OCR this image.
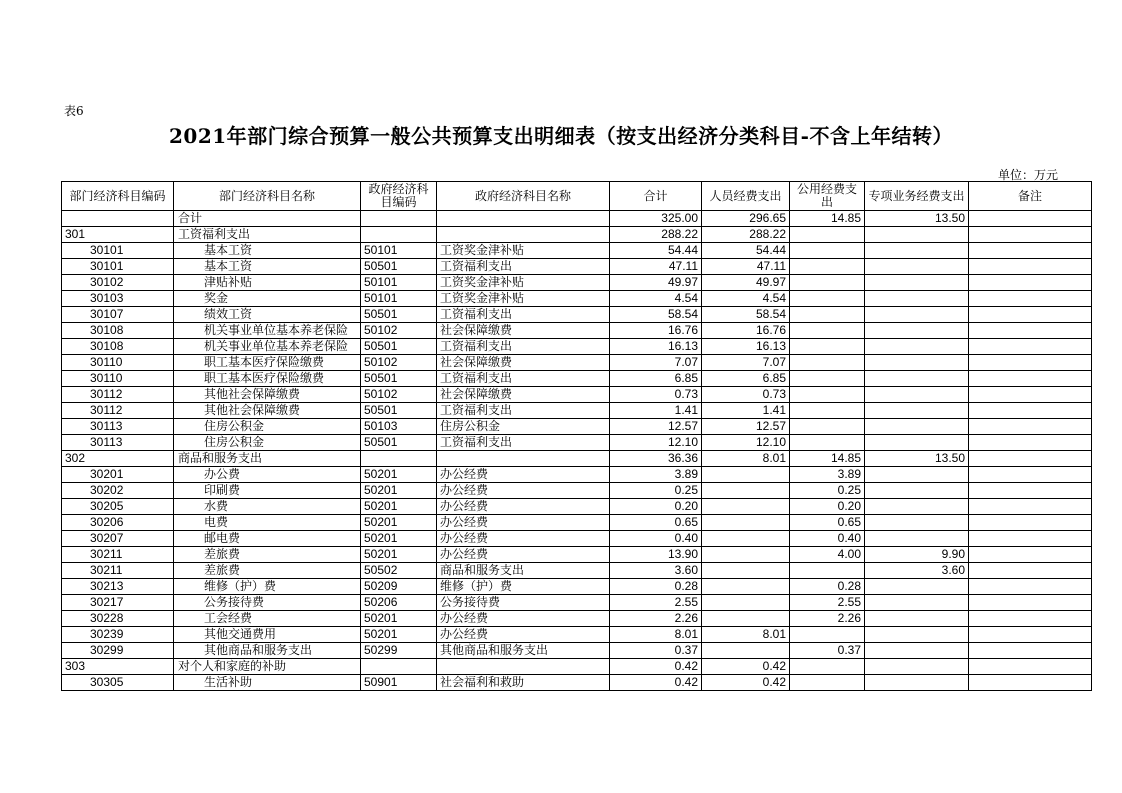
表6
2021年部门综合预算一般公共预算支出明细表（按支出经济分类科目-不含上年结转）
单位：万元
部门经济科目编码	部门经济科目名称	政府经济科目编码	政府经济科目名称	合计	人员经费支出	公用经费支出	专项业务经费支出	备注
	合计			325.00	296.65	14.85	13.50	
301	工资福利支出			288.22	288.22			
30101	基本工资	50101	工资奖金津补贴	54.44	54.44			
30101	基本工资	50501	工资福利支出	47.11	47.11			
30102	津贴补贴	50101	工资奖金津补贴	49.97	49.97			
30103	奖金	50101	工资奖金津补贴	4.54	4.54			
30107	绩效工资	50501	工资福利支出	58.54	58.54			
30108	机关事业单位基本养老保险	50102	社会保障缴费	16.76	16.76			
30108	机关事业单位基本养老保险	50501	工资福利支出	16.13	16.13			
30110	职工基本医疗保险缴费	50102	社会保障缴费	7.07	7.07			
30110	职工基本医疗保险缴费	50501	工资福利支出	6.85	6.85			
30112	其他社会保障缴费	50102	社会保障缴费	0.73	0.73			
30112	其他社会保障缴费	50501	工资福利支出	1.41	1.41			
30113	住房公积金	50103	住房公积金	12.57	12.57			
30113	住房公积金	50501	工资福利支出	12.10	12.10			
302	商品和服务支出			36.36	8.01	14.85	13.50	
30201	办公费	50201	办公经费	3.89		3.89		
30202	印刷费	50201	办公经费	0.25		0.25		
30205	水费	50201	办公经费	0.20		0.20		
30206	电费	50201	办公经费	0.65		0.65		
30207	邮电费	50201	办公经费	0.40		0.40		
30211	差旅费	50201	办公经费	13.90		4.00	9.90	
30211	差旅费	50502	商品和服务支出	3.60			3.60	
30213	维修（护）费	50209	维修（护）费	0.28		0.28		
30217	公务接待费	50206	公务接待费	2.55		2.55		
30228	工会经费	50201	办公经费	2.26		2.26		
30239	其他交通费用	50201	办公经费	8.01	8.01			
30299	其他商品和服务支出	50299	其他商品和服务支出	0.37		0.37		
303	对个人和家庭的补助			0.42	0.42			
30305	生活补助	50901	社会福利和救助	0.42	0.42			
